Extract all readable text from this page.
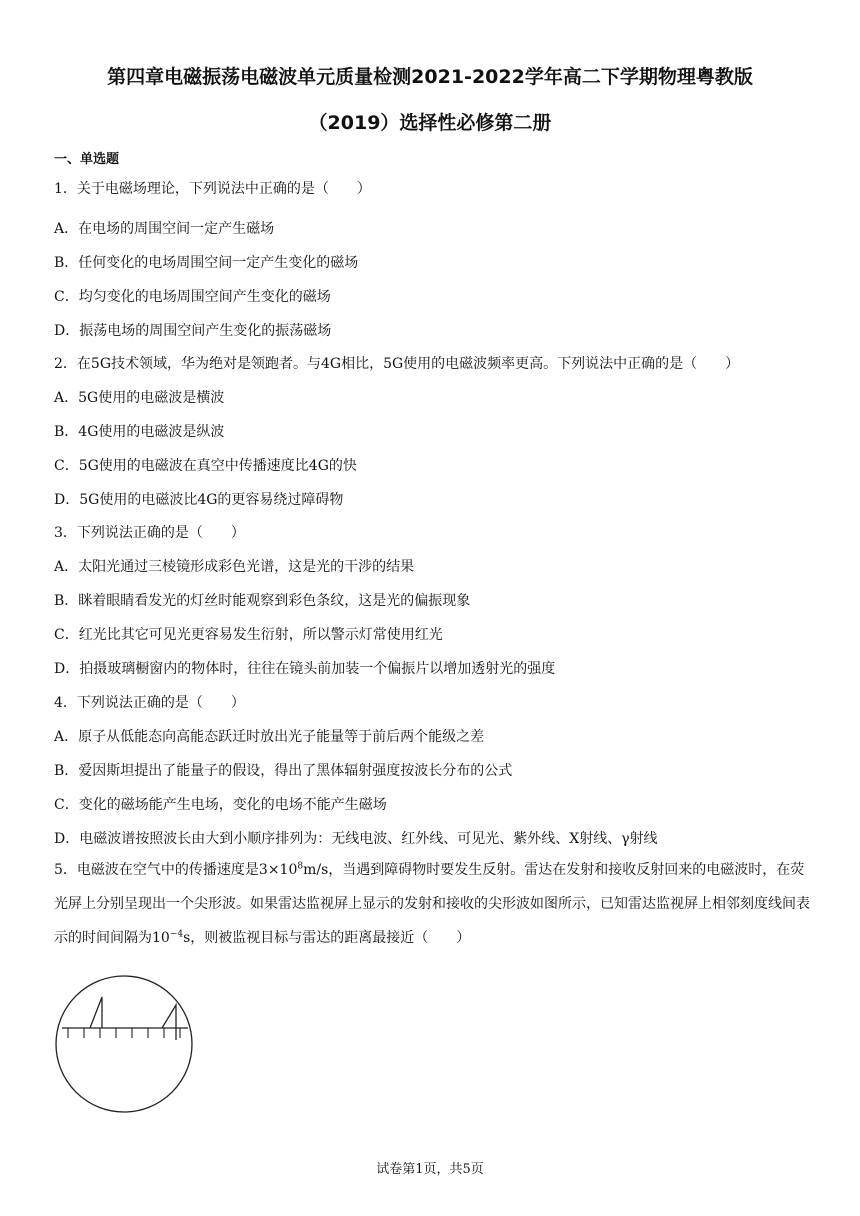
第四章电磁振荡电磁波单元质量检测2021-2022学年高二下学期物理粤教版
（2019）选择性必修第二册
一、单选题
1．关于电磁场理论，下列说法中正确的是（　　）
A．在电场的周围空间一定产生磁场
B．任何变化的电场周围空间一定产生变化的磁场
C．均匀变化的电场周围空间产生变化的磁场
D．振荡电场的周围空间产生变化的振荡磁场
2．在5G技术领域，华为绝对是领跑者。与4G相比，5G使用的电磁波频率更高。下列说法中正确的是（　　）
A．5G使用的电磁波是横波
B．4G使用的电磁波是纵波
C．5G使用的电磁波在真空中传播速度比4G的快
D．5G使用的电磁波比4G的更容易绕过障碍物
3．下列说法正确的是（　　）
A．太阳光通过三棱镜形成彩色光谱，这是光的干涉的结果
B．眯着眼睛看发光的灯丝时能观察到彩色条纹，这是光的偏振现象
C．红光比其它可见光更容易发生衍射，所以警示灯常使用红光
D．拍摄玻璃橱窗内的物体时，往往在镜头前加装一个偏振片以增加透射光的强度
4．下列说法正确的是（　　）
A．原子从低能态向高能态跃迁时放出光子能量等于前后两个能级之差
B．爱因斯坦提出了能量子的假设，得出了黑体辐射强度按波长分布的公式
C．变化的磁场能产生电场，变化的电场不能产生磁场
D．电磁波谱按照波长由大到小顺序排列为：无线电波、红外线、可见光、紫外线、X射线、γ射线
5．电磁波在空气中的传播速度是$3\times 10^8m/s$，当遇到障碍物时要发生反射。雷达在发射和接收反射回来的电磁波时，在荧光屏上分别呈现出一个尖形波。如果雷达监视屏上显示的发射和接收的尖形波如图所示，已知雷达监视屏上相邻刻度线间表示的时间间隔为$10^{-4}s$，则被监视目标与雷达的距离最接近（　　）
试卷第1页，共5页
